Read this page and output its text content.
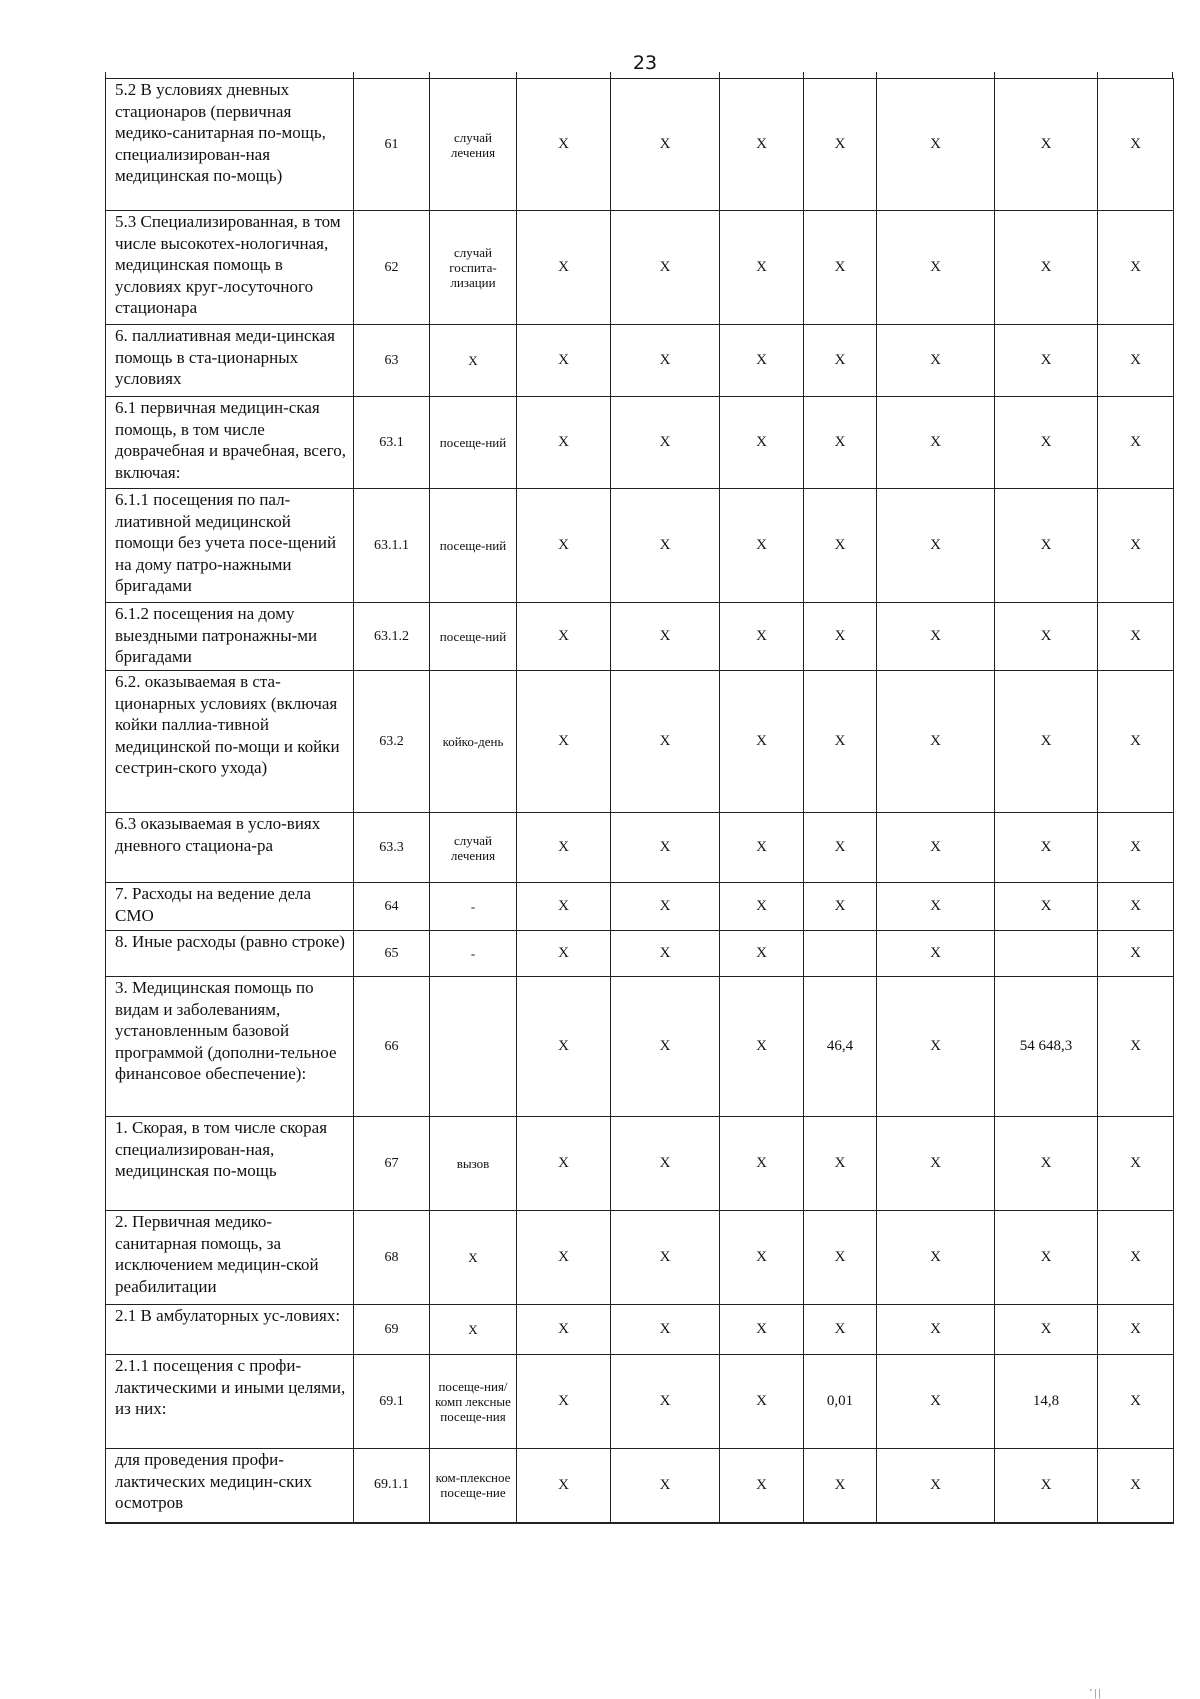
23
5.2 В условиях дневных стационаров (первичная медико-санитарная по-мощь, специализирован-ная медицинская по-мощь)	61	случай лечения	X	X	X	X	X	X	X
5.3 Специализированная, в том числе высокотех-нологичная, медицинская помощь в условиях круг-лосуточного стационара	62	случай госпита-лизации	X	X	X	X	X	X	X
6. паллиативная меди-цинская помощь в ста-ционарных условиях	63	X	X	X	X	X	X	X	X
6.1 первичная медицин-ская помощь, в том числе доврачебная и врачебная, всего, включая:	63.1	посеще-ний	X	X	X	X	X	X	X
6.1.1 посещения по пал-лиативной медицинской помощи без учета посе-щений на дому патро-нажными бригадами	63.1.1	посеще-ний	X	X	X	X	X	X	X
6.1.2 посещения на дому выездными патронажны-ми бригадами	63.1.2	посеще-ний	X	X	X	X	X	X	X
6.2. оказываемая в ста-ционарных условиях (включая койки паллиа-тивной медицинской по-мощи и койки сестрин-ского ухода)	63.2	койко-день	X	X	X	X	X	X	X
6.3 оказываемая в усло-виях дневного стациона-ра	63.3	случай лечения	X	X	X	X	X	X	X
7. Расходы на ведение дела СМО	64	-	X	X	X	X	X	X	X
8. Иные расходы (равно строке)	65	-	X	X	X		X		X
3. Медицинская помощь по видам и заболеваниям, установленным базовой программой (дополни-тельное финансовое обеспечение):	66		X	X	X	46,4	X	54 648,3	X
1. Скорая, в том числе скорая специализирован-ная, медицинская по-мощь	67	вызов	X	X	X	X	X	X	X
2. Первичная медико-санитарная помощь, за исключением медицин-ской реабилитации	68	X	X	X	X	X	X	X	X
2.1 В амбулаторных ус-ловиях:	69	X	X	X	X	X	X	X	X
2.1.1 посещения с профи-лактическими и иными целями, из них:	69.1	посеще-ния/комп лексные посеще-ния	X	X	X	0,01	X	14,8	X
для проведения профи-лактических медицин-ских осмотров	69.1.1	ком-плексное посеще-ние	X	X	X	X	X	X	X
' | |
